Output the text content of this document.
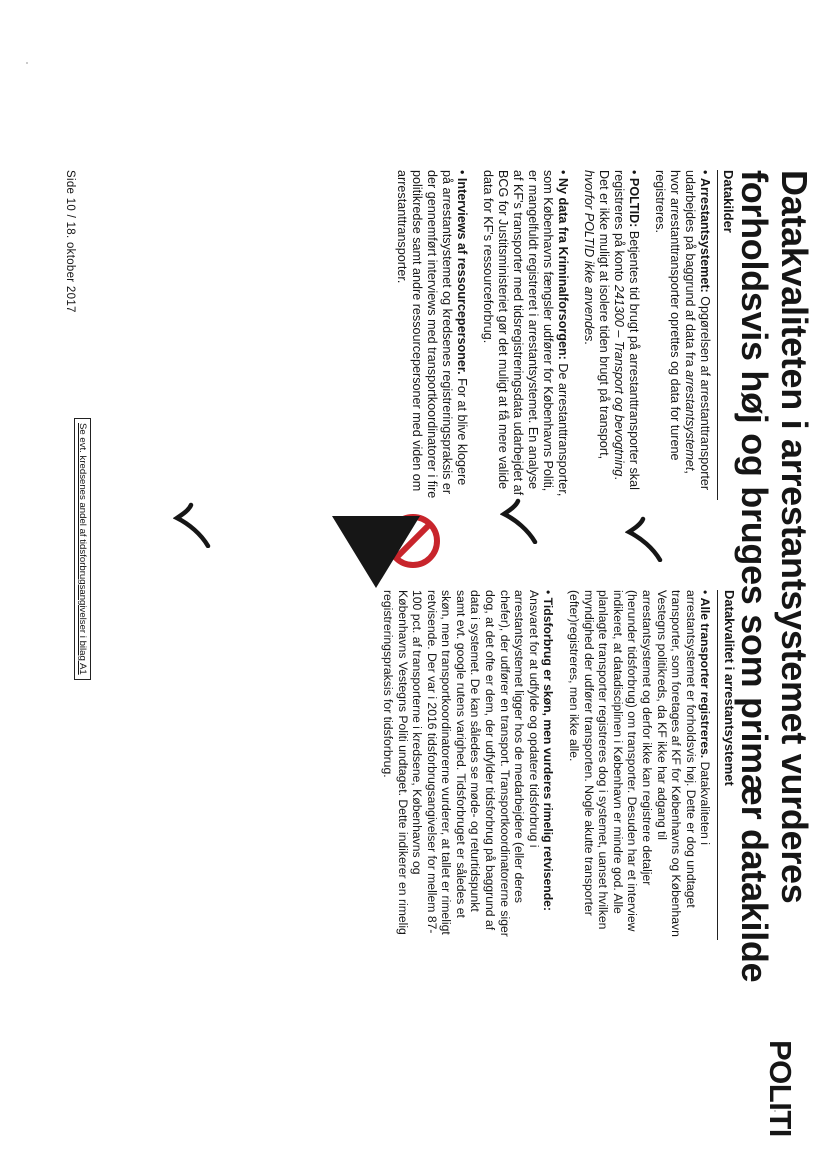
Datakvaliteten i arrestantsystemet vurderes
forholdsvis høj og bruges som primær datakilde
POLITI
Datakilder

• Arrestantsystemet: Opgørelsen af arrestanttransporter udarbejdes på baggrund af data fra arrestantsystemet, hvor arrestanttransporter oprettes og data for turene registreres.

• POLTID: Betjentes tid brugt på arrestanttransporter skal registreres på konto 241300 – Transport og bevogtning. Det er ikke muligt at isolere tiden brugt på transport, hvorfor POLTID ikke anvendes.

• Ny data fra Kriminalforsorgen: De arrestanttransporter, som Københavns fængsler udfører for Københavns Politi, er mangelfuldt registreret i arrestantsystemet. En analyse af KF's transporter med tidsregistreringsdata udarbejdet af BCG for Justitsministeriet gør det muligt at få mere valide data for KF's ressourceforbrug.

• Interviews af ressourcepersoner. For at blive klogere på arrestantsystemet og kredsenes registreringspraksis er der gennemført interviews med transportkoordinatorer i fire politikredse samt andre ressourcepersoner med viden om arrestanttransporter.

Datakvalitet i arrestantsystemet

• Alle transporter registreres. Datakvaliteten i arrestantsystemet er forholdsvis høj. Dette er dog undtaget transporter, som foretages af KF for Københavns og København Vestegns politikreds, da KF ikke har adgang til arrestantsystemet og derfor ikke kan registrere detaljer (herunder tidsforbrug) om transporter. Desuden har et interview indikeret, at datadisciplinen i København er mindre god. Alle planlagte transporter registreres dog i systemet, uanset hvilken myndighed der udfører transporten. Nogle akutte transporter (efter)registreres, men ikke alle.

• Tidsforbrug er skøn, men vurderes rimelig retvisende: Ansvaret for at udfylde og opdatere tidsforbrug i arrestantsystemet ligger hos de medarbejdere (eller deres chefer), der udfører en transport. Transportkoordinatorerne siger dog, at det ofte er dem, der udfylder tidsforbrug på baggrund af data i systemet. De kan således se møde- og returtidspunkt samt evt. google rutens varighed. Tidsforbruget er således et skøn, men transportkoordinatorerne vurderer, at tallet er rimeligt retvisende. Der var i 2016 tidsforbrugsangivelser for mellem 87-100 pct. af transporterne i kredsene, Københavns og Københavns Vestegns Politi undtaget. Dette indikerer en rimelig registreringspraksis for tidsforbrug.

Side 10 / 18. oktober 2017
Se evt. kredsenes andel af tidsforbrugsangivelser i bilag A1
